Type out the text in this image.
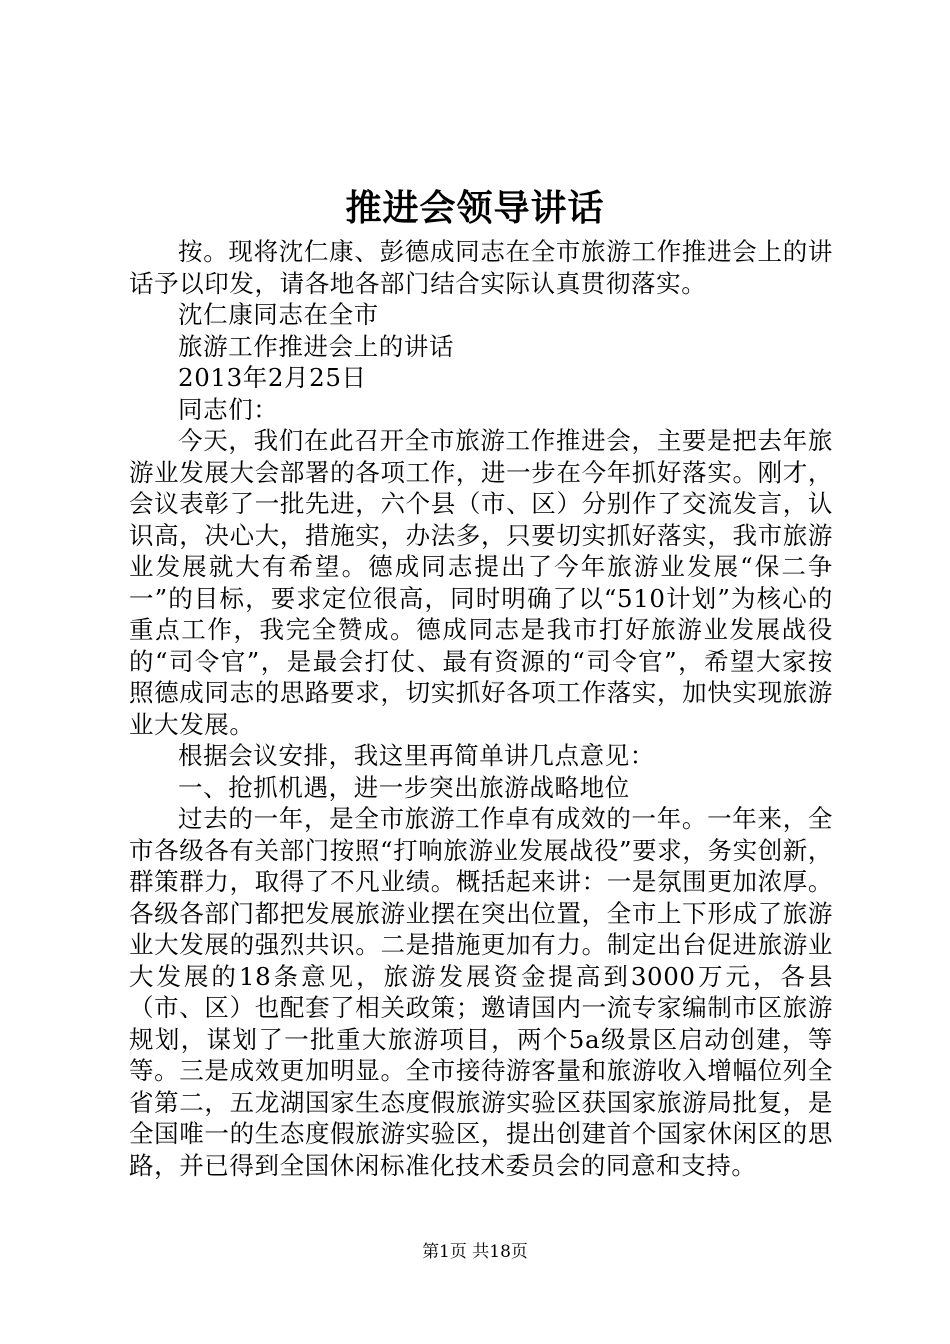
推进会领导讲话

按。现将沈仁康、彭德成同志在全市旅游工作推进会上的讲话予以印发，请各地各部门结合实际认真贯彻落实。

沈仁康同志在全市

旅游工作推进会上的讲话

2013年2月25日

同志们：

今天，我们在此召开全市旅游工作推进会，主要是把去年旅游业发展大会部署的各项工作，进一步在今年抓好落实。刚才，会议表彰了一批先进，六个县（市、区）分别作了交流发言，认识高，决心大，措施实，办法多，只要切实抓好落实，我市旅游业发展就大有希望。德成同志提出了今年旅游业发展“保二争一”的目标，要求定位很高，同时明确了以“510计划”为核心的重点工作，我完全赞成。德成同志是我市打好旅游业发展战役的“司令官”，是最会打仗、最有资源的“司令官”，希望大家按照德成同志的思路要求，切实抓好各项工作落实，加快实现旅游业大发展。

根据会议安排，我这里再简单讲几点意见：

一、抢抓机遇，进一步突出旅游战略地位

过去的一年，是全市旅游工作卓有成效的一年。一年来，全市各级各有关部门按照“打响旅游业发展战役”要求，务实创新，群策群力，取得了不凡业绩。概括起来讲：一是氛围更加浓厚。各级各部门都把发展旅游业摆在突出位置，全市上下形成了旅游业大发展的强烈共识。二是措施更加有力。制定出台促进旅游业大发展的18条意见，旅游发展资金提高到3000万元，各县（市、区）也配套了相关政策；邀请国内一流专家编制市区旅游规划，谋划了一批重大旅游项目，两个5a级景区启动创建，等等。三是成效更加明显。全市接待游客量和旅游收入增幅位列全省第二，五龙湖国家生态度假旅游实验区获国家旅游局批复，是全国唯一的生态度假旅游实验区，提出创建首个国家休闲区的思路，并已得到全国休闲标准化技术委员会的同意和支持。

第1页 共18页
